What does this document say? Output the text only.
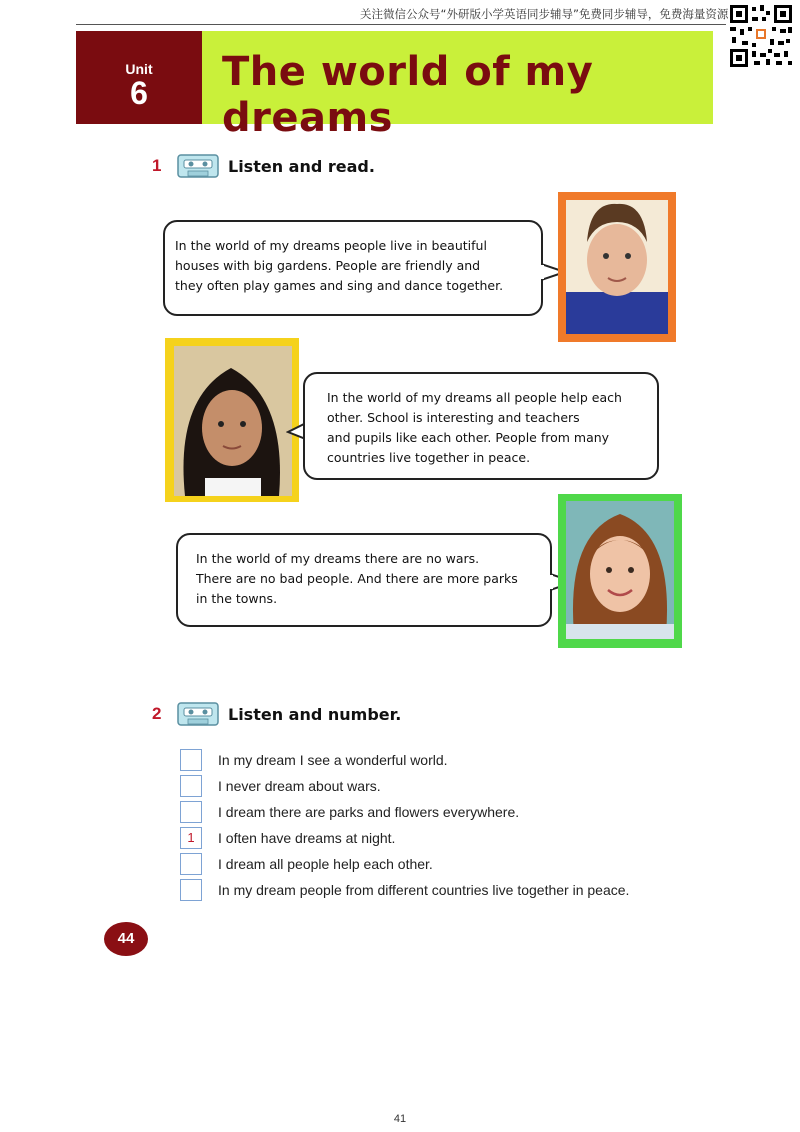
关注微信公众号“外研版小学英语同步辅导”免费同步辅导，免费海量资源
Unit
6	The world of my dreams
1	Listen and read.

In the world of my dreams people live in beautiful

houses with big gardens. People are friendly and

they often play games and sing and dance together.

In the world of my dreams all people help each

other. School is interesting and teachers

and pupils like each other. People from many

countries live together in peace.

In the world of my dreams there are no wars.

There are no bad people. And there are more parks

in the towns.

2	Listen and number.
In my dream I see a wonderful world.
I never dream about wars.
I dream there are parks and flowers everywhere.
1	I often have dreams at night.
I dream all people help each other.
In my dream people from different countries live together in peace.
44
41
